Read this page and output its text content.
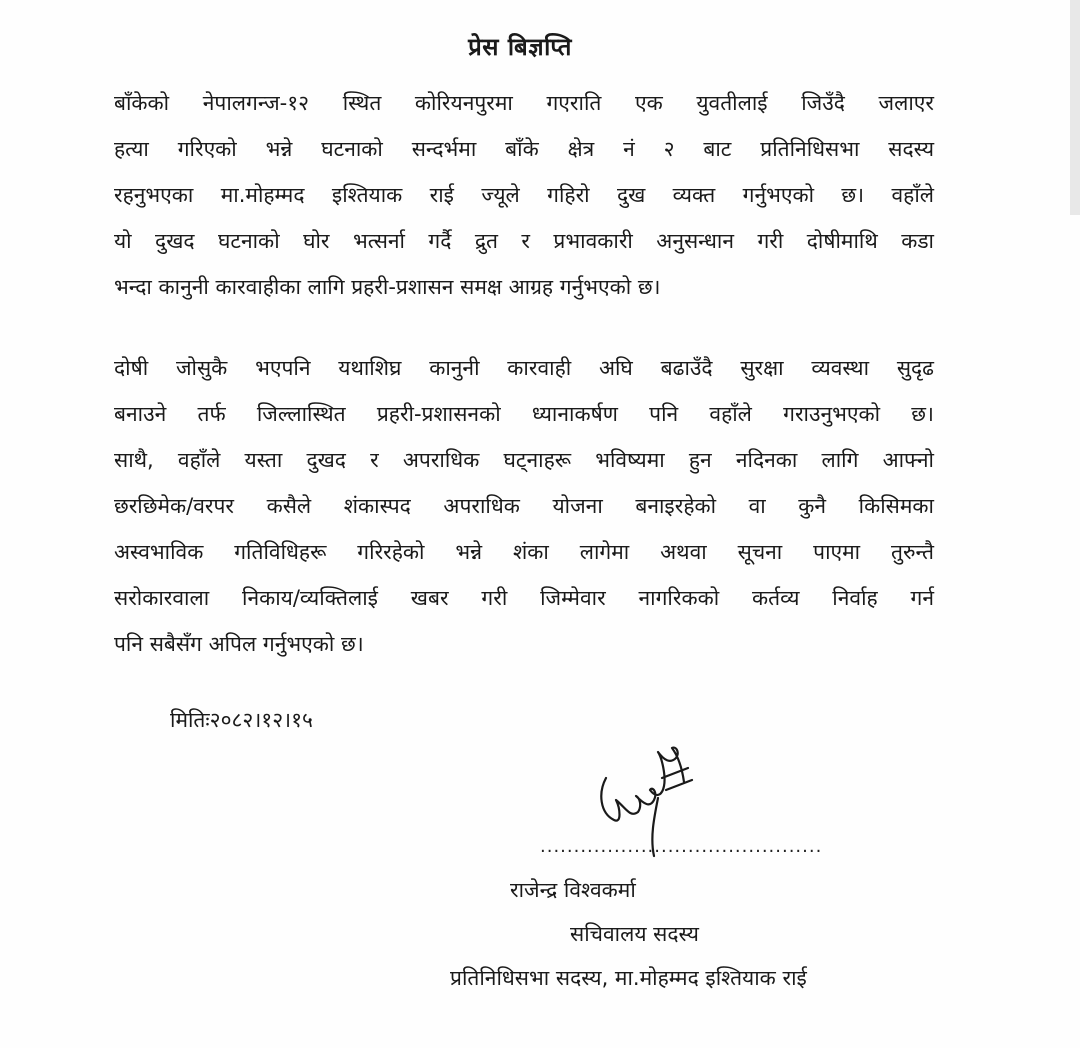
प्रेस बिज्ञप्ति
बाँकेको नेपालगन्ज-१२ स्थित कोरियनपुरमा गएराति एक युवतीलाई जिउँदै जलाएर
हत्या गरिएको भन्ने घटनाको सन्दर्भमा बाँके क्षेत्र नं २ बाट प्रतिनिधिसभा सदस्य
रहनुभएका मा.मोहम्मद इश्तियाक राई ज्यूले गहिरो दुख व्यक्त गर्नुभएको छ। वहाँले
यो दुखद घटनाको घोर भत्सर्ना गर्दै द्रुत र प्रभावकारी अनुसन्धान गरी दोषीमाथि कडा
भन्दा कानुनी कारवाहीका लागि प्रहरी-प्रशासन समक्ष आग्रह गर्नुभएको छ।
दोषी जोसुकै भएपनि यथाशिघ्र कानुनी कारवाही अघि बढाउँदै सुरक्षा व्यवस्था सुदृढ
बनाउने तर्फ जिल्लास्थित प्रहरी-प्रशासनको ध्यानाकर्षण पनि वहाँले गराउनुभएको छ।
साथै, वहाँले यस्ता दुखद र अपराधिक घट्नाहरू भविष्यमा हुन नदिनका लागि आफ्नो
छरछिमेक/वरपर कसैले शंकास्पद अपराधिक योजना बनाइरहेको वा कुनै किसिमका
अस्वभाविक गतिविधिहरू गरिरहेको भन्ने शंका लागेमा अथवा सूचना पाएमा तुरुन्तै
सरोकारवाला निकाय/व्यक्तिलाई खबर गरी जिम्मेवार नागरिकको कर्तव्य निर्वाह गर्न
पनि सबैसँग अपिल गर्नुभएको छ।
मितिः२०८२।१२।१५
..........................................
राजेन्द्र विश्वकर्मा
सचिवालय सदस्य
प्रतिनिधिसभा सदस्य, मा.मोहम्मद इश्तियाक राई
